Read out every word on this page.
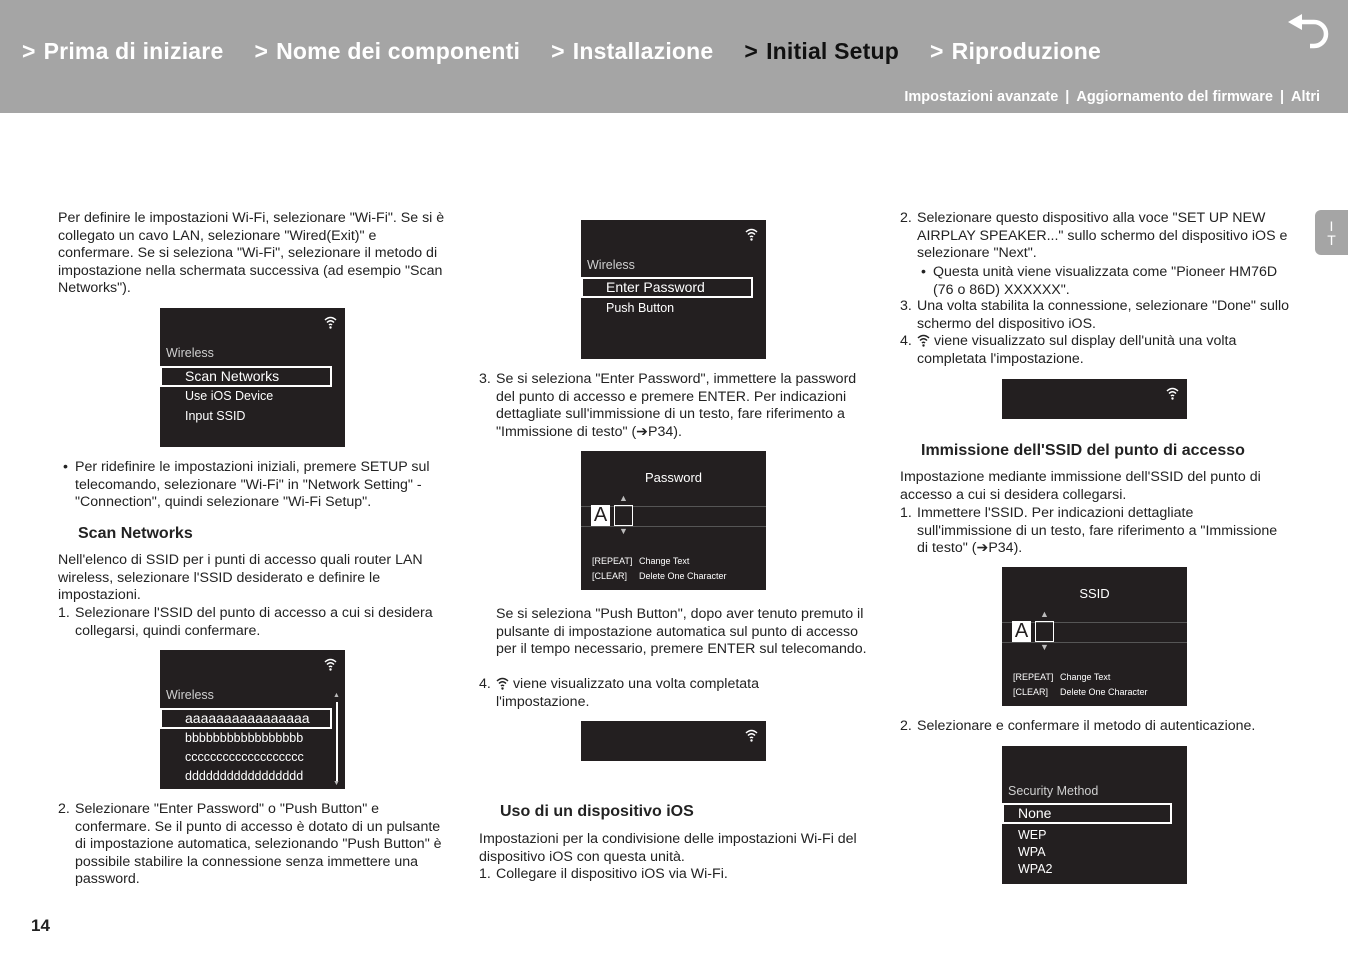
> Prima di iniziare > Nome dei componenti > Installazione > Initial Setup > Riproduzione
Impostazioni avanzate | Aggiornamento del firmware | Altri
I
T
Per definire le impostazioni Wi-Fi, selezionare "Wi-Fi". Se si è collegato un cavo LAN, selezionare "Wired(Exit)" e confermare. Se si seleziona "Wi-Fi", selezionare il metodo di impostazione nella schermata successiva (ad esempio "Scan Networks").
Wireless
Scan Networks
Use iOS Device
Input SSID
• Per ridefinire le impostazioni iniziali, premere SETUP sul telecomando, selezionare "Wi-Fi" in "Network Setting" - "Connection", quindi selezionare "Wi-Fi Setup".
Scan Networks
Nell'elenco di SSID per i punti di accesso quali router LAN wireless, selezionare l'SSID desiderato e definire le impostazioni.
1. Selezionare l'SSID del punto di accesso a cui si desidera collegarsi, quindi confermare.
Wireless
aaaaaaaaaaaaaaaa
bbbbbbbbbbbbbbbbb
ccccccccccccccccccc
ddddddddddddddddd
▲
▼
2. Selezionare "Enter Password" o "Push Button" e confermare. Se il punto di accesso è dotato di un pulsante di impostazione automatica, selezionando "Push Button" è possibile stabilire la connessione senza immettere una password.
Wireless
Enter Password
Push Button
3. Se si seleziona "Enter Password", immettere la password del punto di accesso e premere ENTER. Per indicazioni dettagliate sull'immissione di un testo, fare riferimento a "Immissione di testo" (➔P34).
Password
▲
A
▼
[REPEAT] Change Text
[CLEAR] Delete One Character
Se si seleziona "Push Button", dopo aver tenuto premuto il pulsante di impostazione automatica sul punto di accesso per il tempo necessario, premere ENTER sul telecomando.
4.	viene visualizzato una volta completata
l'impostazione.
Uso di un dispositivo iOS
Impostazioni per la condivisione delle impostazioni Wi-Fi del dispositivo iOS con questa unità.
1. Collegare il dispositivo iOS via Wi-Fi.
2. Selezionare questo dispositivo alla voce "SET UP NEW AIRPLAY SPEAKER..." sullo schermo del dispositivo iOS e selezionare "Next".
• Questa unità viene visualizzata come "Pioneer HM76D (76 o 86D) XXXXXX".
3. Una volta stabilita la connessione, selezionare "Done" sullo schermo del dispositivo iOS.
4.	viene visualizzato sul display dell'unità una volta
completata l'impostazione.
Immissione dell'SSID del punto di accesso
Impostazione mediante immissione dell'SSID del punto di accesso a cui si desidera collegarsi.
1. Immettere l'SSID. Per indicazioni dettagliate sull'immissione di un testo, fare riferimento a "Immissione di testo" (➔P34).
SSID
▲
A
▼
[REPEAT] Change Text
[CLEAR] Delete One Character
2. Selezionare e confermare il metodo di autenticazione.
Security Method
None
WEP
WPA
WPA2
14
